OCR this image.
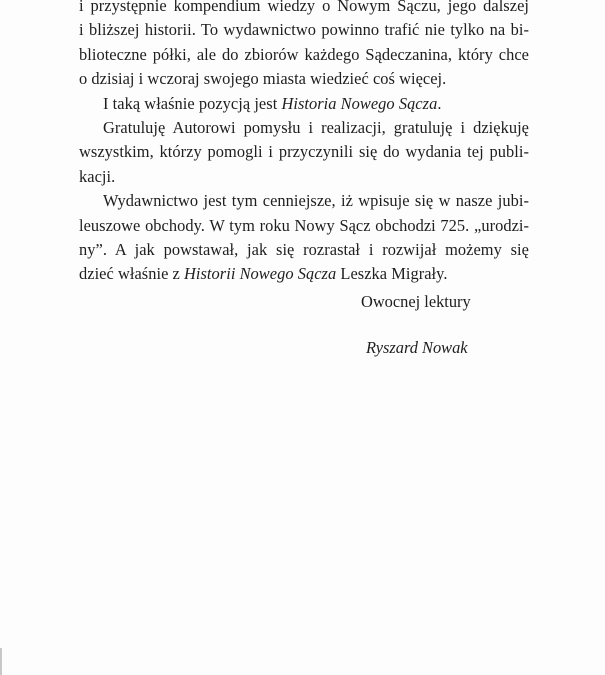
i przystępnie kompendium wiedzy o Nowym Sączu, jego dalszej
i bliższej historii. To wydawnictwo powinno trafić nie tylko na bi-
blioteczne półki, ale do zbiorów każdego Sądeczanina, który chce
o dzisiaj i wczoraj swojego miasta wiedzieć coś więcej.
I taką właśnie pozycją jest Historia Nowego Sącza.
Gratuluję Autorowi pomysłu i realizacji, gratuluję i dziękuję
wszystkim, którzy pomogli i przyczynili się do wydania tej publi-
kacji.
Wydawnictwo jest tym cenniejsze, iż wpisuje się w nasze jubi-
leuszowe obchody. W tym roku Nowy Sącz obchodzi 725. „urodzi-
ny”. A jak powstawał, jak się rozrastał i rozwijał możemy się
dzieć właśnie z Historii Nowego Sącza Leszka Migrały.
Owocnej lektury
Ryszard Nowak
